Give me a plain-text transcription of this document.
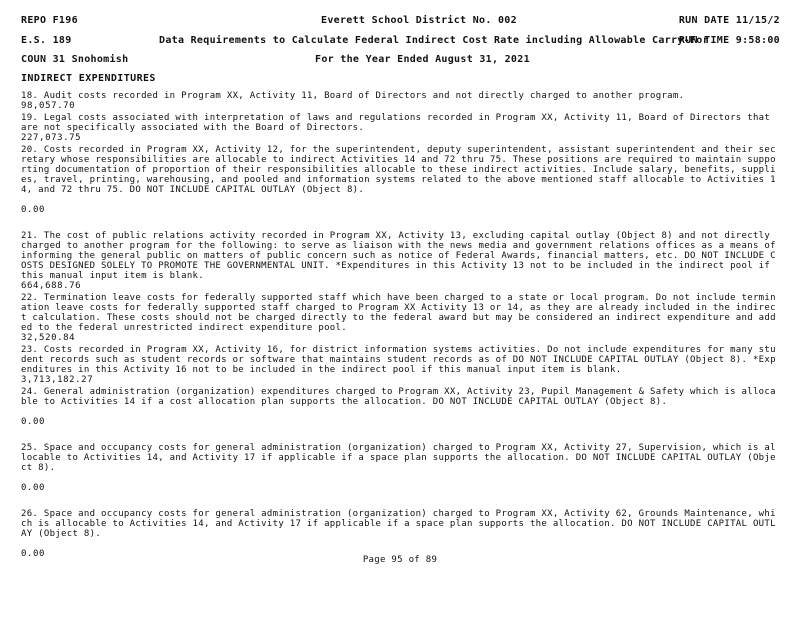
REPO F196	Everett School District No. 002	RUN DATE 11/15/2
E.S. 189	Data Requirements to Calculate Federal Indirect Cost Rate including Allowable Carry-For
RUN TIME 9:58:00
COUN 31 Snohomish	For the Year Ended August 31, 2021
INDIRECT EXPENDITURES
18. Audit costs recorded in Program XX, Activity 11, Board of Directors and not directly charged to another program.
98,057.70
19. Legal costs associated with interpretation of laws and regulations recorded in Program XX, Activity 11, Board of Directors that are not specifically associated with the Board of Directors.
227,073.75
20. Costs recorded in Program XX, Activity 12, for the superintendent, deputy superintendent, assistant superintendent and their secretary whose responsibilities are allocable to indirect Activities 14 and 72 thru 75. These positions are required to maintain supporting documentation of proportion of their responsibilities allocable to these indirect activities. Include salary, benefits, supplies, travel, printing, warehousing, and pooled and information systems related to the above mentioned staff allocable to Activities 14, and 72 thru 75. DO NOT INCLUDE CAPITAL OUTLAY (Object 8).
0.00
21. The cost of public relations activity recorded in Program XX, Activity 13, excluding capital outlay (Object 8) and not directly charged to another program for the following: to serve as liaison with the news media and government relations offices as a means of informing the general public on matters of public concern such as notice of Federal Awards, financial matters, etc. DO NOT INCLUDE COSTS DESIGNED SOLELY TO PROMOTE THE GOVERNMENTAL UNIT. *Expenditures in this Activity 13 not to be included in the indirect pool if this manual input item is blank.
664,688.76
22. Termination leave costs for federally supported staff which have been charged to a state or local program. Do not include termination leave costs for federally supported staff charged to Program XX Activity 13 or 14, as they are already included in the indirect calculation. These costs should not be charged directly to the federal award but may be considered an indirect expenditure and added to the federal unrestricted indirect expenditure pool.
32,520.84
23. Costs recorded in Program XX, Activity 16, for district information systems activities. Do not include expenditures for many student records such as student records or software that maintains student records as of DO NOT INCLUDE CAPITAL OUTLAY (Object 8). *Expenditures in this Activity 16 not to be included in the indirect pool if this manual input item is blank.
3,713,182.27
24. General administration (organization) expenditures charged to Program XX, Activity 23, Pupil Management & Safety which is allocable to Activities 14 if a cost allocation plan supports the allocation. DO NOT INCLUDE CAPITAL OUTLAY (Object 8).
0.00
25. Space and occupancy costs for general administration (organization) charged to Program XX, Activity 27, Supervision, which is allocable to Activities 14, and Activity 17 if applicable if a space plan supports the allocation. DO NOT INCLUDE CAPITAL OUTLAY (Object 8).
0.00
26. Space and occupancy costs for general administration (organization) charged to Program XX, Activity 62, Grounds Maintenance, which is allocable to Activities 14, and Activity 17 if applicable if a space plan supports the allocation. DO NOT INCLUDE CAPITAL OUTLAY (Object 8).
0.00
Page 95 of 89
